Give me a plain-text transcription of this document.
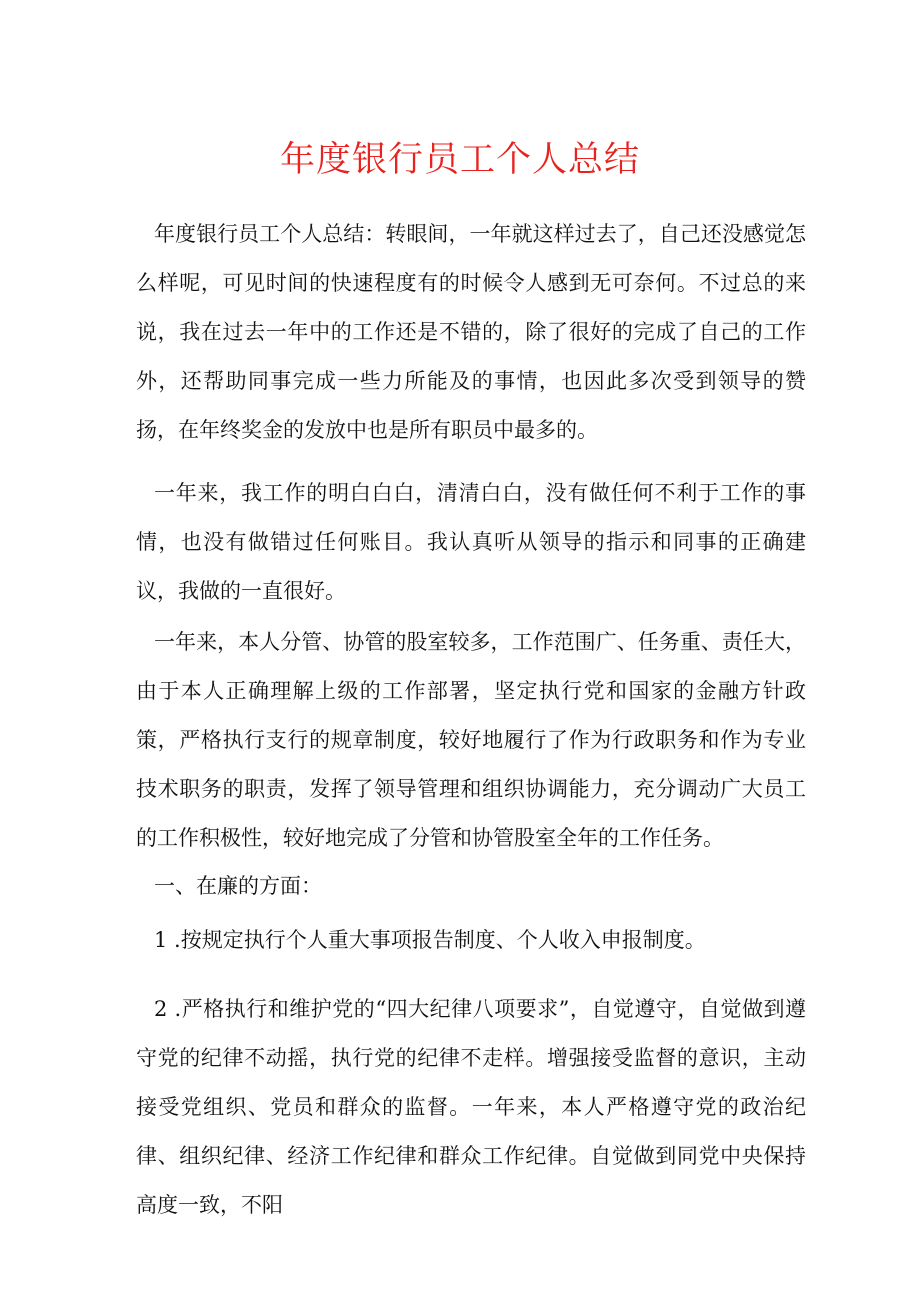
年度银行员工个人总结

年度银行员工个人总结：转眼间，一年就这样过去了，自己还没感觉怎么样呢，可见时间的快速程度有的时候令人感到无可奈何。不过总的来说，我在过去一年中的工作还是不错的，除了很好的完成了自己的工作外，还帮助同事完成一些力所能及的事情，也因此多次受到领导的赞扬，在年终奖金的发放中也是所有职员中最多的。

一年来，我工作的明白白白，清清白白，没有做任何不利于工作的事情，也没有做错过任何账目。我认真听从领导的指示和同事的正确建议，我做的一直很好。

一年来，本人分管、协管的股室较多，工作范围广、任务重、责任大，由于本人正确理解上级的工作部署，坚定执行党和国家的金融方针政策，严格执行支行的规章制度，较好地履行了作为行政职务和作为专业技术职务的职责，发挥了领导管理和组织协调能力，充分调动广大员工的工作积极性，较好地完成了分管和协管股室全年的工作任务。

一、在廉的方面：

1 .按规定执行个人重大事项报告制度、个人收入申报制度。

2 .严格执行和维护党的“四大纪律八项要求”，自觉遵守，自觉做到遵守党的纪律不动摇，执行党的纪律不走样。增强接受监督的意识，主动接受党组织、党员和群众的监督。一年来，本人严格遵守党的政治纪律、组织纪律、经济工作纪律和群众工作纪律。自觉做到同党中央保持高度一致，不阳
